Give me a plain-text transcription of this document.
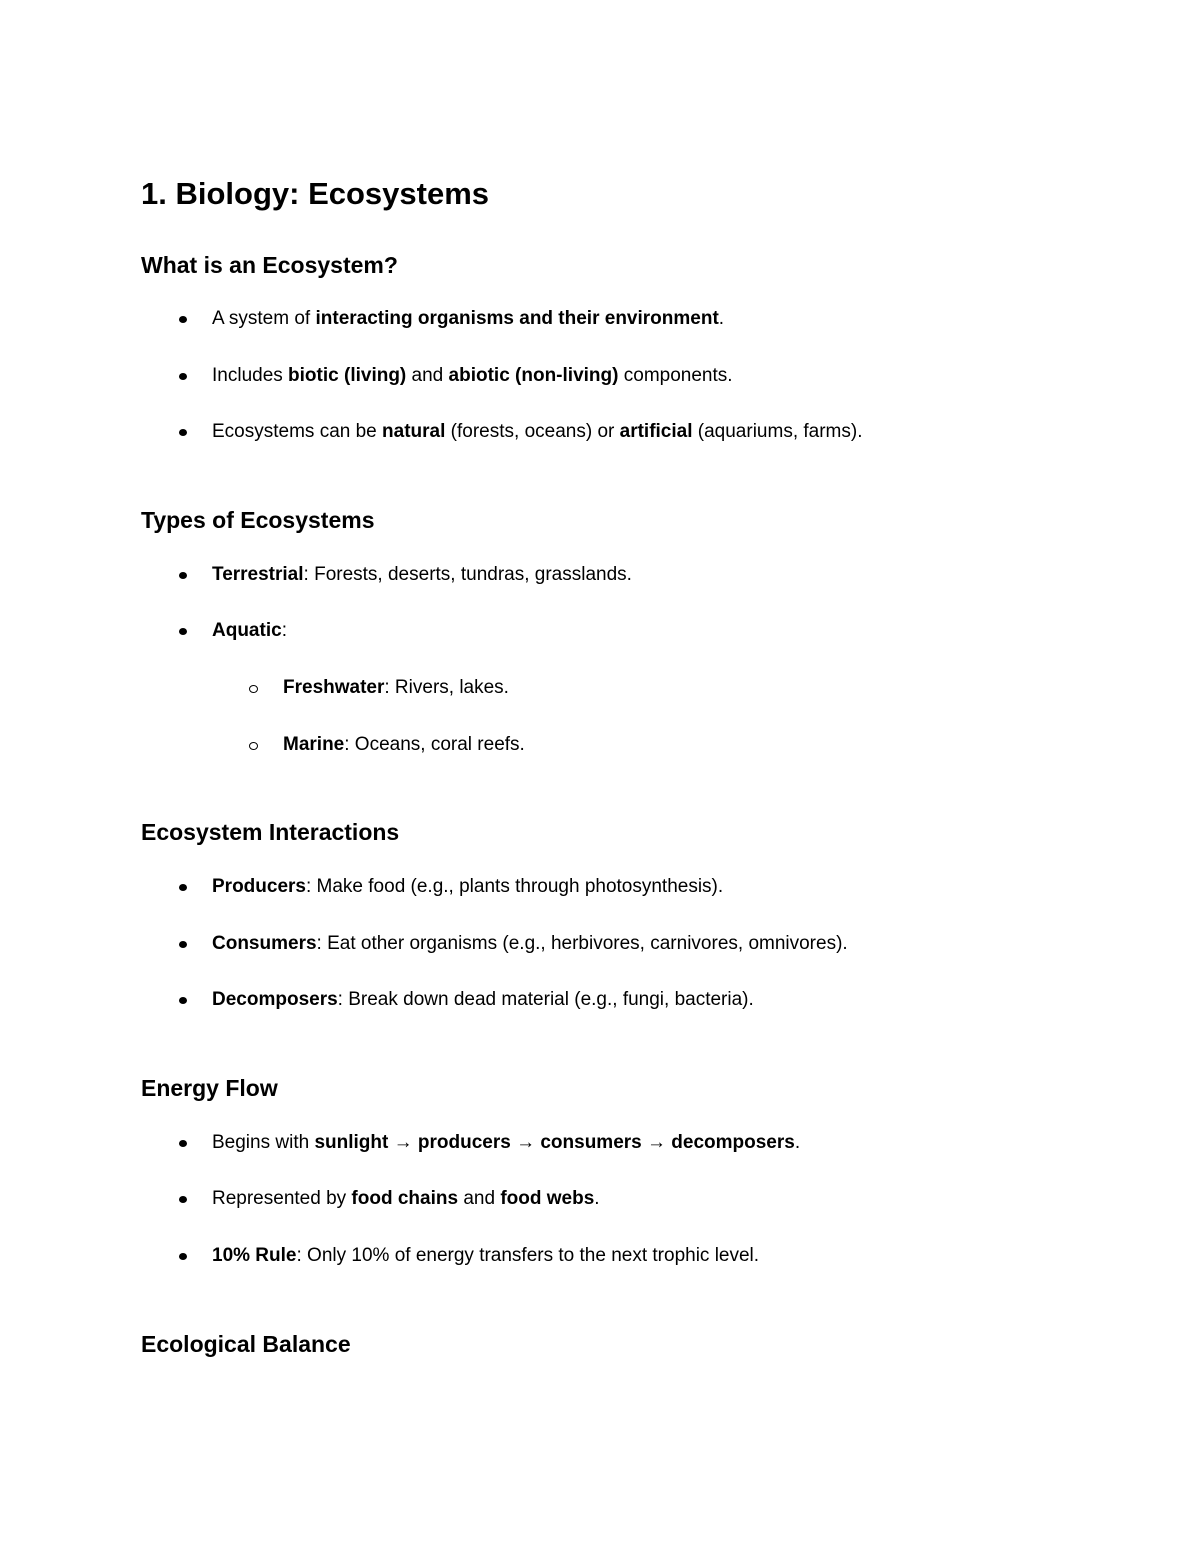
1. Biology: Ecosystems
What is an Ecosystem?
A system of interacting organisms and their environment.
Includes biotic (living) and abiotic (non-living) components.
Ecosystems can be natural (forests, oceans) or artificial (aquariums, farms).
Types of Ecosystems
Terrestrial: Forests, deserts, tundras, grasslands.
Aquatic:
Freshwater: Rivers, lakes.
Marine: Oceans, coral reefs.
Ecosystem Interactions
Producers: Make food (e.g., plants through photosynthesis).
Consumers: Eat other organisms (e.g., herbivores, carnivores, omnivores).
Decomposers: Break down dead material (e.g., fungi, bacteria).
Energy Flow
Begins with sunlight → producers → consumers → decomposers.
Represented by food chains and food webs.
10% Rule: Only 10% of energy transfers to the next trophic level.
Ecological Balance
